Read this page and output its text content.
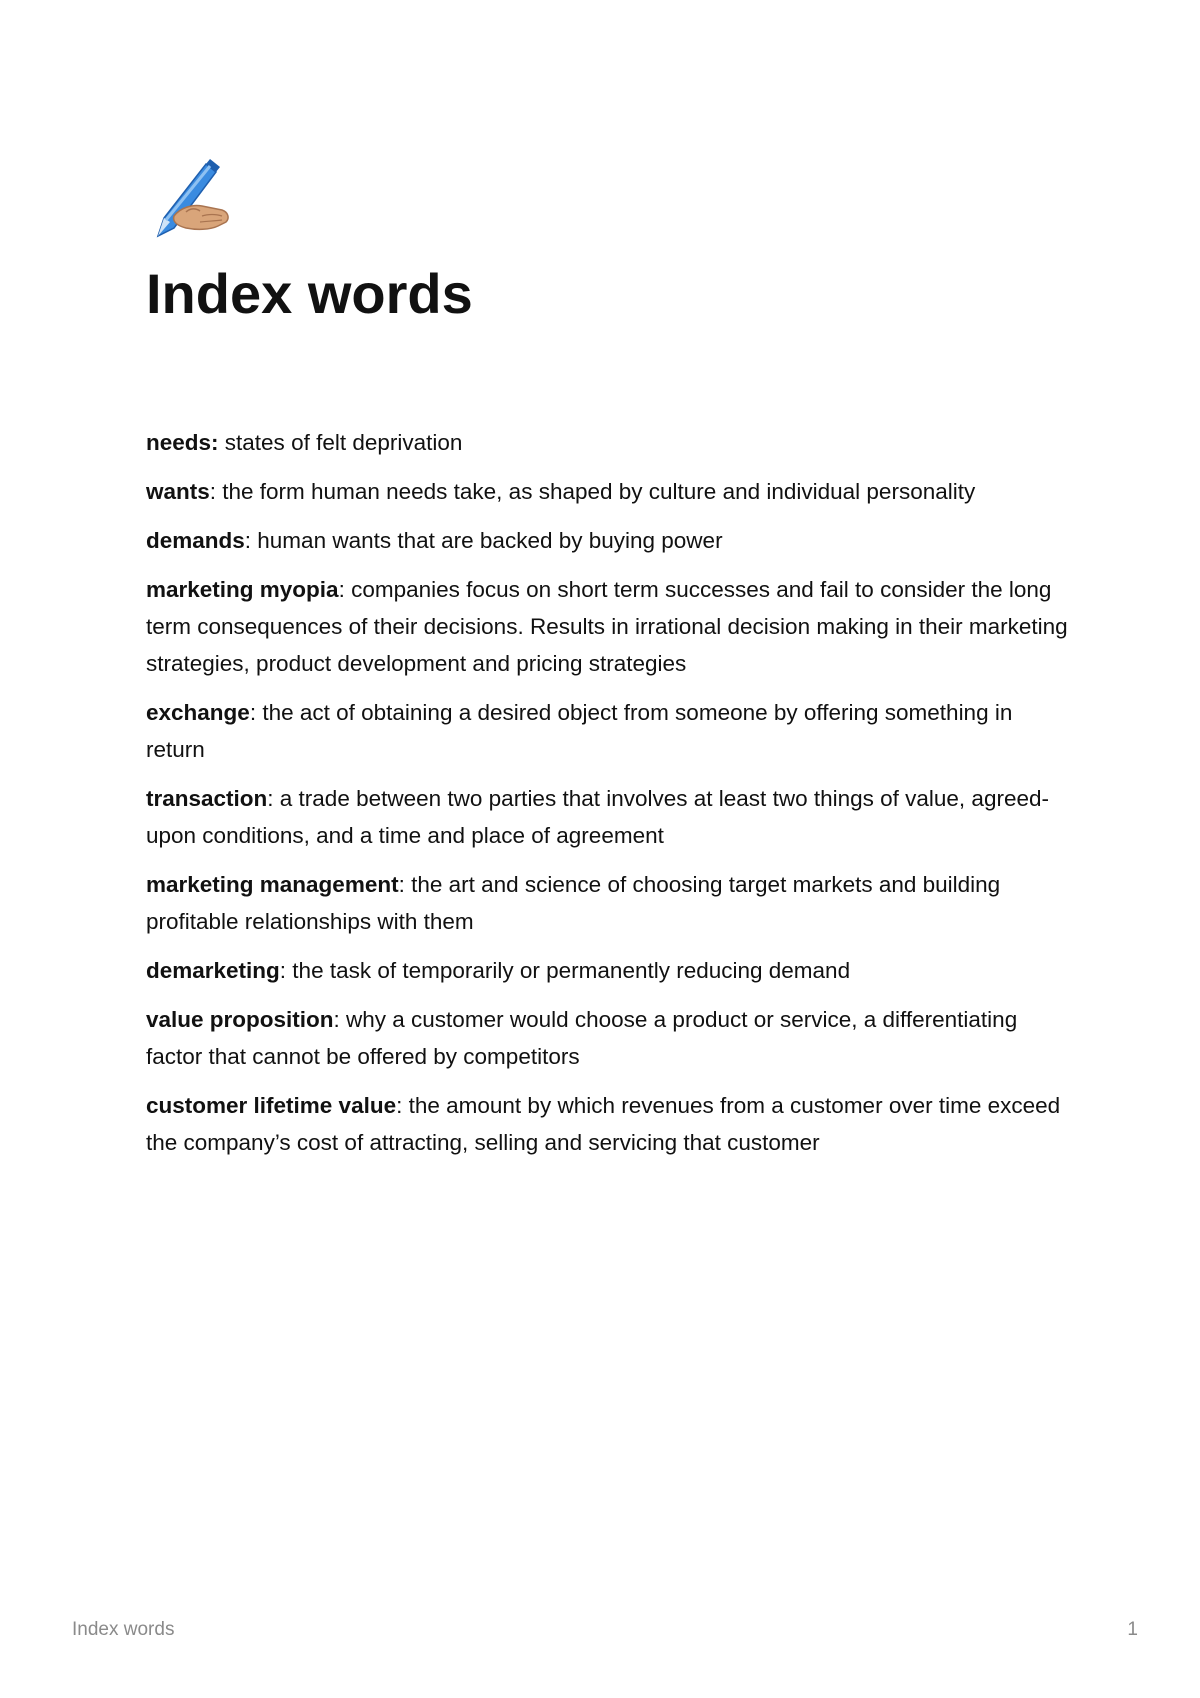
Index words

needs: states of felt deprivation

wants: the form human needs take, as shaped by culture and individual personality

demands: human wants that are backed by buying power

marketing myopia: companies focus on short term successes and fail to consider the long term consequences of their decisions. Results in irrational decision making in their marketing strategies, product development and pricing strategies

exchange: the act of obtaining a desired object from someone by offering something in return

transaction: a trade between two parties that involves at least two things of value, agreed-upon conditions, and a time and place of agreement

marketing management: the art and science of choosing target markets and building profitable relationships with them

demarketing: the task of temporarily or permanently reducing demand

value proposition: why a customer would choose a product or service, a differentiating factor that cannot be offered by competitors

customer lifetime value: the amount by which revenues from a customer over time exceed the company’s cost of attracting, selling and servicing that customer

Index words	1
